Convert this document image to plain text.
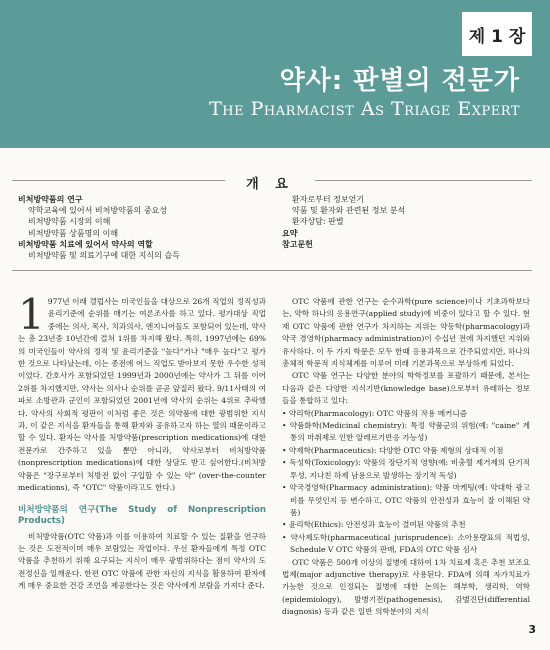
제 1 장
약사: 판별의 전문가
The Pharmacist As Triage Expert
개 요
비처방약품의 연구
약학교육에 있어서 비처방약품의 중요성
비처방약품 시장의 이해
비처방약품 상품명의 이해
비처방약품 치료에 있어서 약사의 역할
비처방약품 및 의료기구에 대한 지식의 습득
환자로부터 정보얻기
약품 및 환자와 관련된 정보 분석
환자상담: 판별
요약
참고문헌

1 977년 이래 갤럽사는 미국인들을 대상으로 26개 직업의 정직성과 윤리기준에 순위를 매기는 여론조사를 하고 있다. 평가대상 직업 중에는 의사, 목사, 치과의사, 엔지니어들도 포함되어 있는데, 약사는 총 23년중 10년간에 걸쳐 1위를 차지해 왔다. 특히, 1997년에는 69%의 미국인들이 약사의 정직 및 윤리기준을 "높다"거나 "매우 높다"고 평가한 것으로 나타났는데, 이는 종전에 어느 직업도 받아보지 못한 우수한 성적이었다. 간호사가 포함되었던 1999년과 2000년에는 약사가 그 뒤를 이어 2위를 차지했지만, 약사는 의사나 순위를 곧곧 앞질러 왔다. 9/11사태의 여파로 소방관과 군인이 포함되었던 2001년에 약사의 순위는 4위로 추락했다. 약사의 사회적 평판이 이처럼 좋은 것은 의약품에 대한 광범위한 지식과, 이 같은 지식을 환자들을 통해 환자와 공유하고자 하는 열의 때문이라고 할 수 있다. 환자는 약사를 처방약품(prescription medications)에 대한 전문가로 간주하고 있을 뿐만 아니라, 약사로부터 비처방약품(nonprescription medications)에 대한 상담도 받고 싶어한다.(비처방약품은 "장구로부터 처방전 없이 구입할 수 있는 약" (over-the-counter medications), 즉 "OTC" 약품이라고도 한다.)

비처방약품의 연구(The Study of Nonprescription Products)

비처방약품(OTC 약품)과 이를 이용하여 치료할 수 있는 질환을 연구하는 것은 도전적이며 매우 보람있는 작업이다. 우선 환자들에게 특정 OTC 약품을 추천하기 위해 요구되는 지식이 매우 광범위하다는 점이 약사의 도전정신을 일깨운다. 한편 OTC 약품에 관한 자신의 지식을 활용하여 환자에게 매우 중요한 건강 조언을 제공한다는 것은 약사에게 보람을 가져다 준다.

OTC 약품에 관한 연구는 순수과학(pure science)이나 기초과학보다는, 약학 하나의 응용연구(applied study)에 비중이 있다고 할 수 있다. 현재 OTC 약품에 관한 연구가 차지하는 지위는 약동학(pharmacology)과 약국 경영학(pharmacy administration)이 수십년 전에 차지했던 지위와 유사하다. 이 두 가지 학문은 모두 한때 응용과목으로 간주되었지만, 하나의 총체적 학문적 지식체계를 이루어 미래 기본과목으로 부상하게 되었다.

OTC 약품 연구는 다양한 분야의 학학정보를 포괄하기 때문에, 본서는 다음과 같은 다양한 지식기반(knowledge base)으로부터 유래하는 정보들을 통합하고 있다:

• 약리학(Pharmacology): OTC 약품의 작용 메커니즘
• 약품화학(Medicinal chemistry): 특정 약품군의 위험(예: "caine" 계통의 마취제로 인한 알레르기반응 가능성)
• 약제학(Pharmaceutics): 다양한 OTC 약품 제형의 상대적 이점
• 독성학(Toxicology): 약품의 장단기적 영향(예: 비충혈 제거제의 단기적 투성, 지나친 하제 남용으로 발생하는 장기적 독성)
• 약국경영학(Pharmacy administration): 약품 마케팅(예: 약대학 광고비를 무엇인지 등 변수하고, OTC 약품의 안전성과 효능이 잘 이해된 약품)
• 윤리학(Ethics): 안전성과 효능이 결여된 약품의 추천
• 약사제도학(pharmaceutical jurisprudence): 소아용량표의 적법성, Schedule V OTC 약품의 판매, FDA의 OTC 약품 심사

OTC 약품은 500개 이상의 질병에 대하여 1차 치료제 혹은 추천 보조요법제(major adjunctive therapy)로 사용된다. FDA에 의해 자가치료가 가능한 것으로 인정되는 질병에 대한 논의는 해부학, 생리학, 역학(epidemiology), 발병기전(pathogenesis), 감별진단(differential diagnosis) 등과 같은 일반 의학분야의 지식

3
